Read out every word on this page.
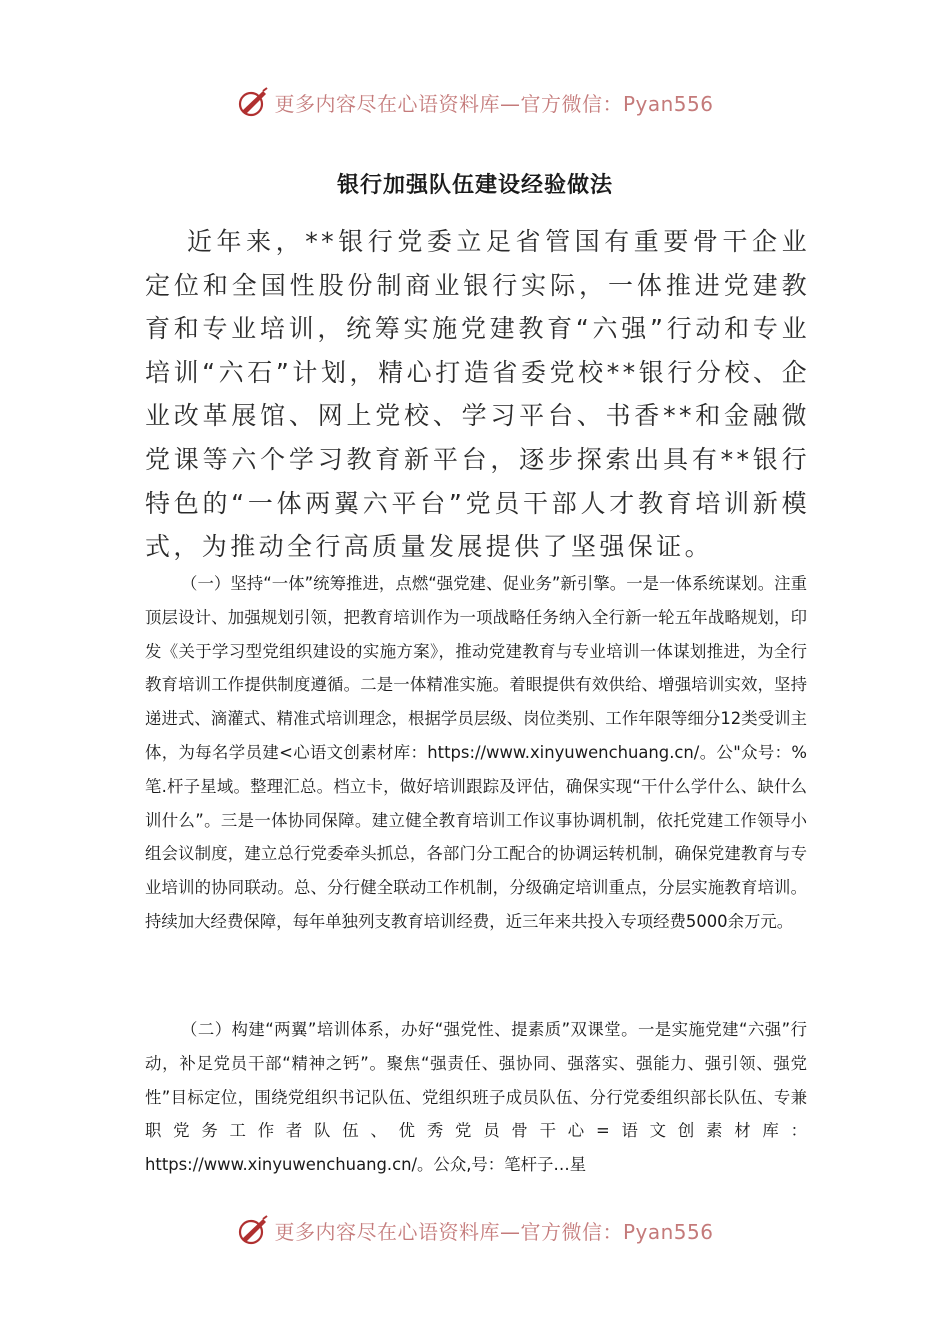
更多内容尽在心语资料库—官方微信：Pyan556
银行加强队伍建设经验做法
近年来，**银行党委立足省管国有重要骨干企业定位和全国性股份制商业银行实际，一体推进党建教育和专业培训，统筹实施党建教育“六强”行动和专业培训“六石”计划，精心打造省委党校**银行分校、企业改革展馆、网上党校、学习平台、书香**和金融微党课等六个学习教育新平台，逐步探索出具有**银行特色的“一体两翼六平台”党员干部人才教育培训新模式，为推动全行高质量发展提供了坚强保证。
（一）坚持“一体”统筹推进，点燃“强党建、促业务”新引擎。一是一体系统谋划。注重顶层设计、加强规划引领，把教育培训作为一项战略任务纳入全行新一轮五年战略规划，印发《关于学习型党组织建设的实施方案》，推动党建教育与专业培训一体谋划推进，为全行教育培训工作提供制度遵循。二是一体精准实施。着眼提供有效供给、增强培训实效，坚持递进式、滴灌式、精准式培训理念，根据学员层级、岗位类别、工作年限等细分12类受训主体，为每名学员建<心语文创素材库：https://www.xinyuwenchuang.cn/。公"众号：%笔.杆子星域。整理汇总。档立卡，做好培训跟踪及评估，确保实现“干什么学什么、缺什么训什么”。三是一体协同保障。建立健全教育培训工作议事协调机制，依托党建工作领导小组会议制度，建立总行党委牵头抓总，各部门分工配合的协调运转机制，确保党建教育与专业培训的协同联动。总、分行健全联动工作机制，分级确定培训重点，分层实施教育培训。持续加大经费保障，每年单独列支教育培训经费，近三年来共投入专项经费5000余万元。
（二）构建“两翼”培训体系，办好“强党性、提素质”双课堂。一是实施党建“六强”行动，补足党员干部“精神之钙”。聚焦“强责任、强协同、强落实、强能力、强引领、强党性”目标定位，围绕党组织书记队伍、党组织班子成员队伍、分行党委组织部长队伍、专兼职党务工作者队伍、优秀党员骨干心=语文创素材库：https://www.xinyuwenchuang.cn/。公众,号：笔杆子…星
更多内容尽在心语资料库—官方微信：Pyan556
